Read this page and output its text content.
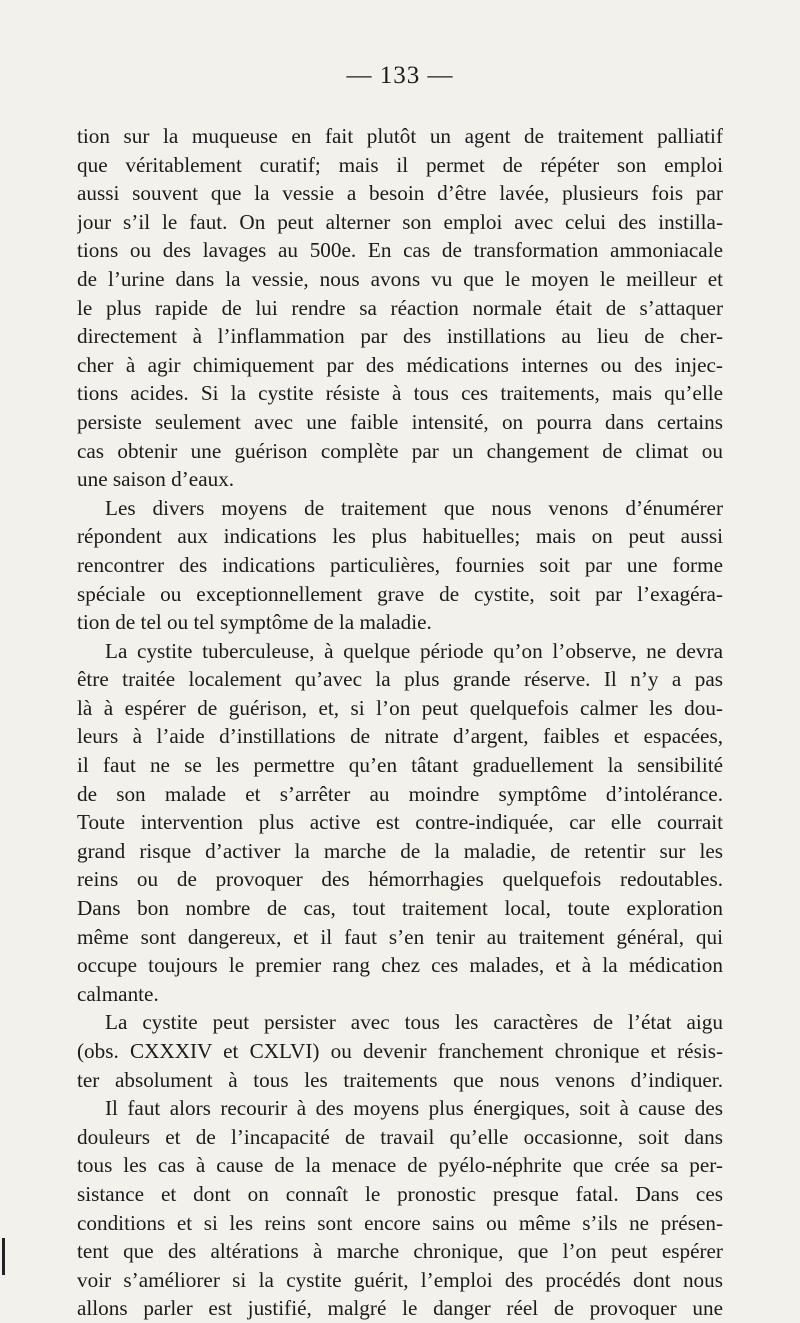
— 133 —
tion sur la muqueuse en fait plutôt un agent de traitement palliatif
que véritablement curatif; mais il permet de répéter son emploi
aussi souvent que la vessie a besoin d’être lavée, plusieurs fois par
jour s’il le faut. On peut alterner son emploi avec celui des instilla-
tions ou des lavages au 500e. En cas de transformation ammoniacale
de l’urine dans la vessie, nous avons vu que le moyen le meilleur et
le plus rapide de lui rendre sa réaction normale était de s’attaquer
directement à l’inflammation par des instillations au lieu de cher-
cher à agir chimiquement par des médications internes ou des injec-
tions acides. Si la cystite résiste à tous ces traitements, mais qu’elle
persiste seulement avec une faible intensité, on pourra dans certains
cas obtenir une guérison complète par un changement de climat ou
une saison d’eaux.
Les divers moyens de traitement que nous venons d’énumérer
répondent aux indications les plus habituelles; mais on peut aussi
rencontrer des indications particulières, fournies soit par une forme
spéciale ou exceptionnellement grave de cystite, soit par l’exagéra-
tion de tel ou tel symptôme de la maladie.
La cystite tuberculeuse, à quelque période qu’on l’observe, ne devra
être traitée localement qu’avec la plus grande réserve. Il n’y a pas
là à espérer de guérison, et, si l’on peut quelquefois calmer les dou-
leurs à l’aide d’instillations de nitrate d’argent, faibles et espacées,
il faut ne se les permettre qu’en tâtant graduellement la sensibilité
de son malade et s’arrêter au moindre symptôme d’intolérance.
Toute intervention plus active est contre-indiquée, car elle courrait
grand risque d’activer la marche de la maladie, de retentir sur les
reins ou de provoquer des hémorrhagies quelquefois redoutables.
Dans bon nombre de cas, tout traitement local, toute exploration
même sont dangereux, et il faut s’en tenir au traitement général, qui
occupe toujours le premier rang chez ces malades, et à la médication
calmante.
La cystite peut persister avec tous les caractères de l’état aigu
(obs. CXXXIV et CXLVI) ou devenir franchement chronique et résis-
ter absolument à tous les traitements que nous venons d’indiquer.
Il faut alors recourir à des moyens plus énergiques, soit à cause des
douleurs et de l’incapacité de travail qu’elle occasionne, soit dans
tous les cas à cause de la menace de pyélo-néphrite que crée sa per-
sistance et dont on connaît le pronostic presque fatal. Dans ces
conditions et si les reins sont encore sains ou même s’ils ne présen-
tent que des altérations à marche chronique, que l’on peut espérer
voir s’améliorer si la cystite guérit, l’emploi des procédés dont nous
allons parler est justifié, malgré le danger réel de provoquer une
